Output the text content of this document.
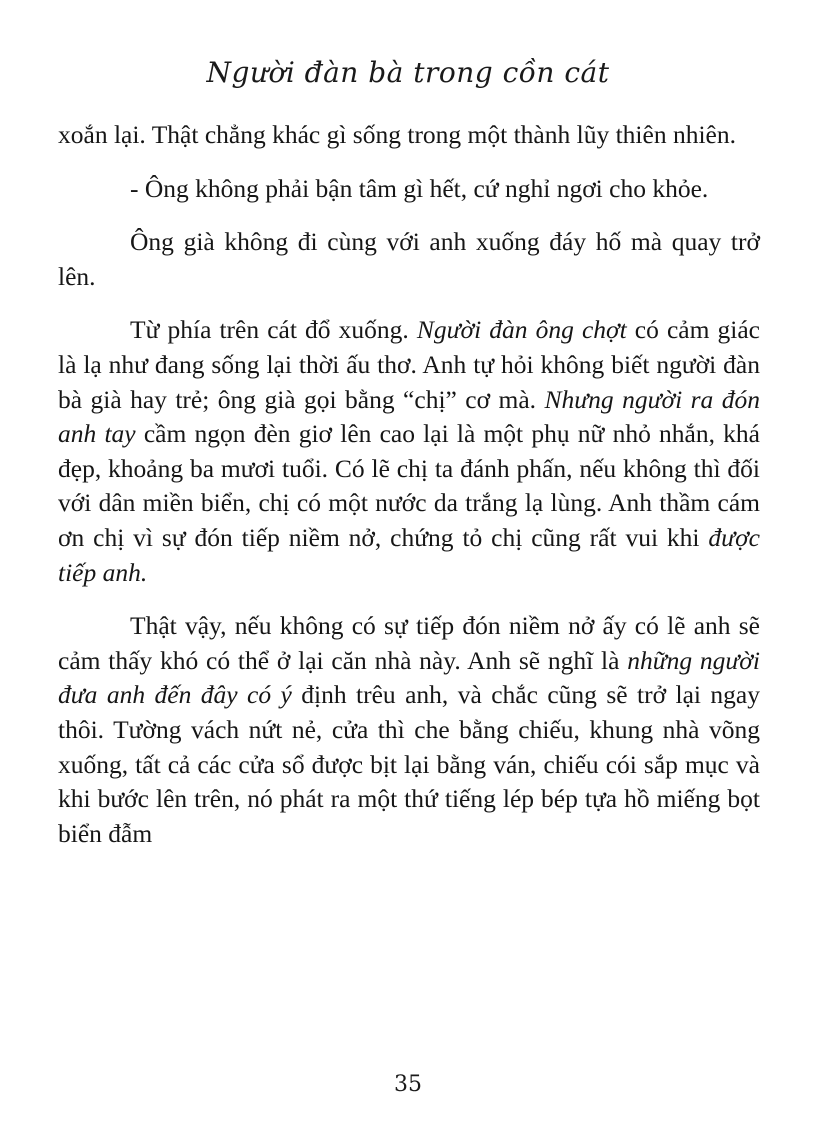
Người đàn bà trong cồn cát

xoắn lại. Thật chẳng khác gì sống trong một thành lũy thiên nhiên.

- Ông không phải bận tâm gì hết, cứ nghỉ ngơi cho khỏe.

Ông già không đi cùng với anh xuống đáy hố mà quay trở lên.

Từ phía trên cát đổ xuống. Người đàn ông chợt có cảm giác là lạ như đang sống lại thời ấu thơ. Anh tự hỏi không biết người đàn bà già hay trẻ; ông già gọi bằng “chị” cơ mà. Nhưng người ra đón anh tay cầm ngọn đèn giơ lên cao lại là một phụ nữ nhỏ nhắn, khá đẹp, khoảng ba mươi tuổi. Có lẽ chị ta đánh phấn, nếu không thì đối với dân miền biển, chị có một nước da trắng lạ lùng. Anh thầm cám ơn chị vì sự đón tiếp niềm nở, chứng tỏ chị cũng rất vui khi được tiếp anh.

Thật vậy, nếu không có sự tiếp đón niềm nở ấy có lẽ anh sẽ cảm thấy khó có thể ở lại căn nhà này. Anh sẽ nghĩ là những người đưa anh đến đây có ý định trêu anh, và chắc cũng sẽ trở lại ngay thôi. Tường vách nứt nẻ, cửa thì che bằng chiếu, khung nhà võng xuống, tất cả các cửa sổ được bịt lại bằng ván, chiếu cói sắp mục và khi bước lên trên, nó phát ra một thứ tiếng lép bép tựa hồ miếng bọt biển đẫm

35
